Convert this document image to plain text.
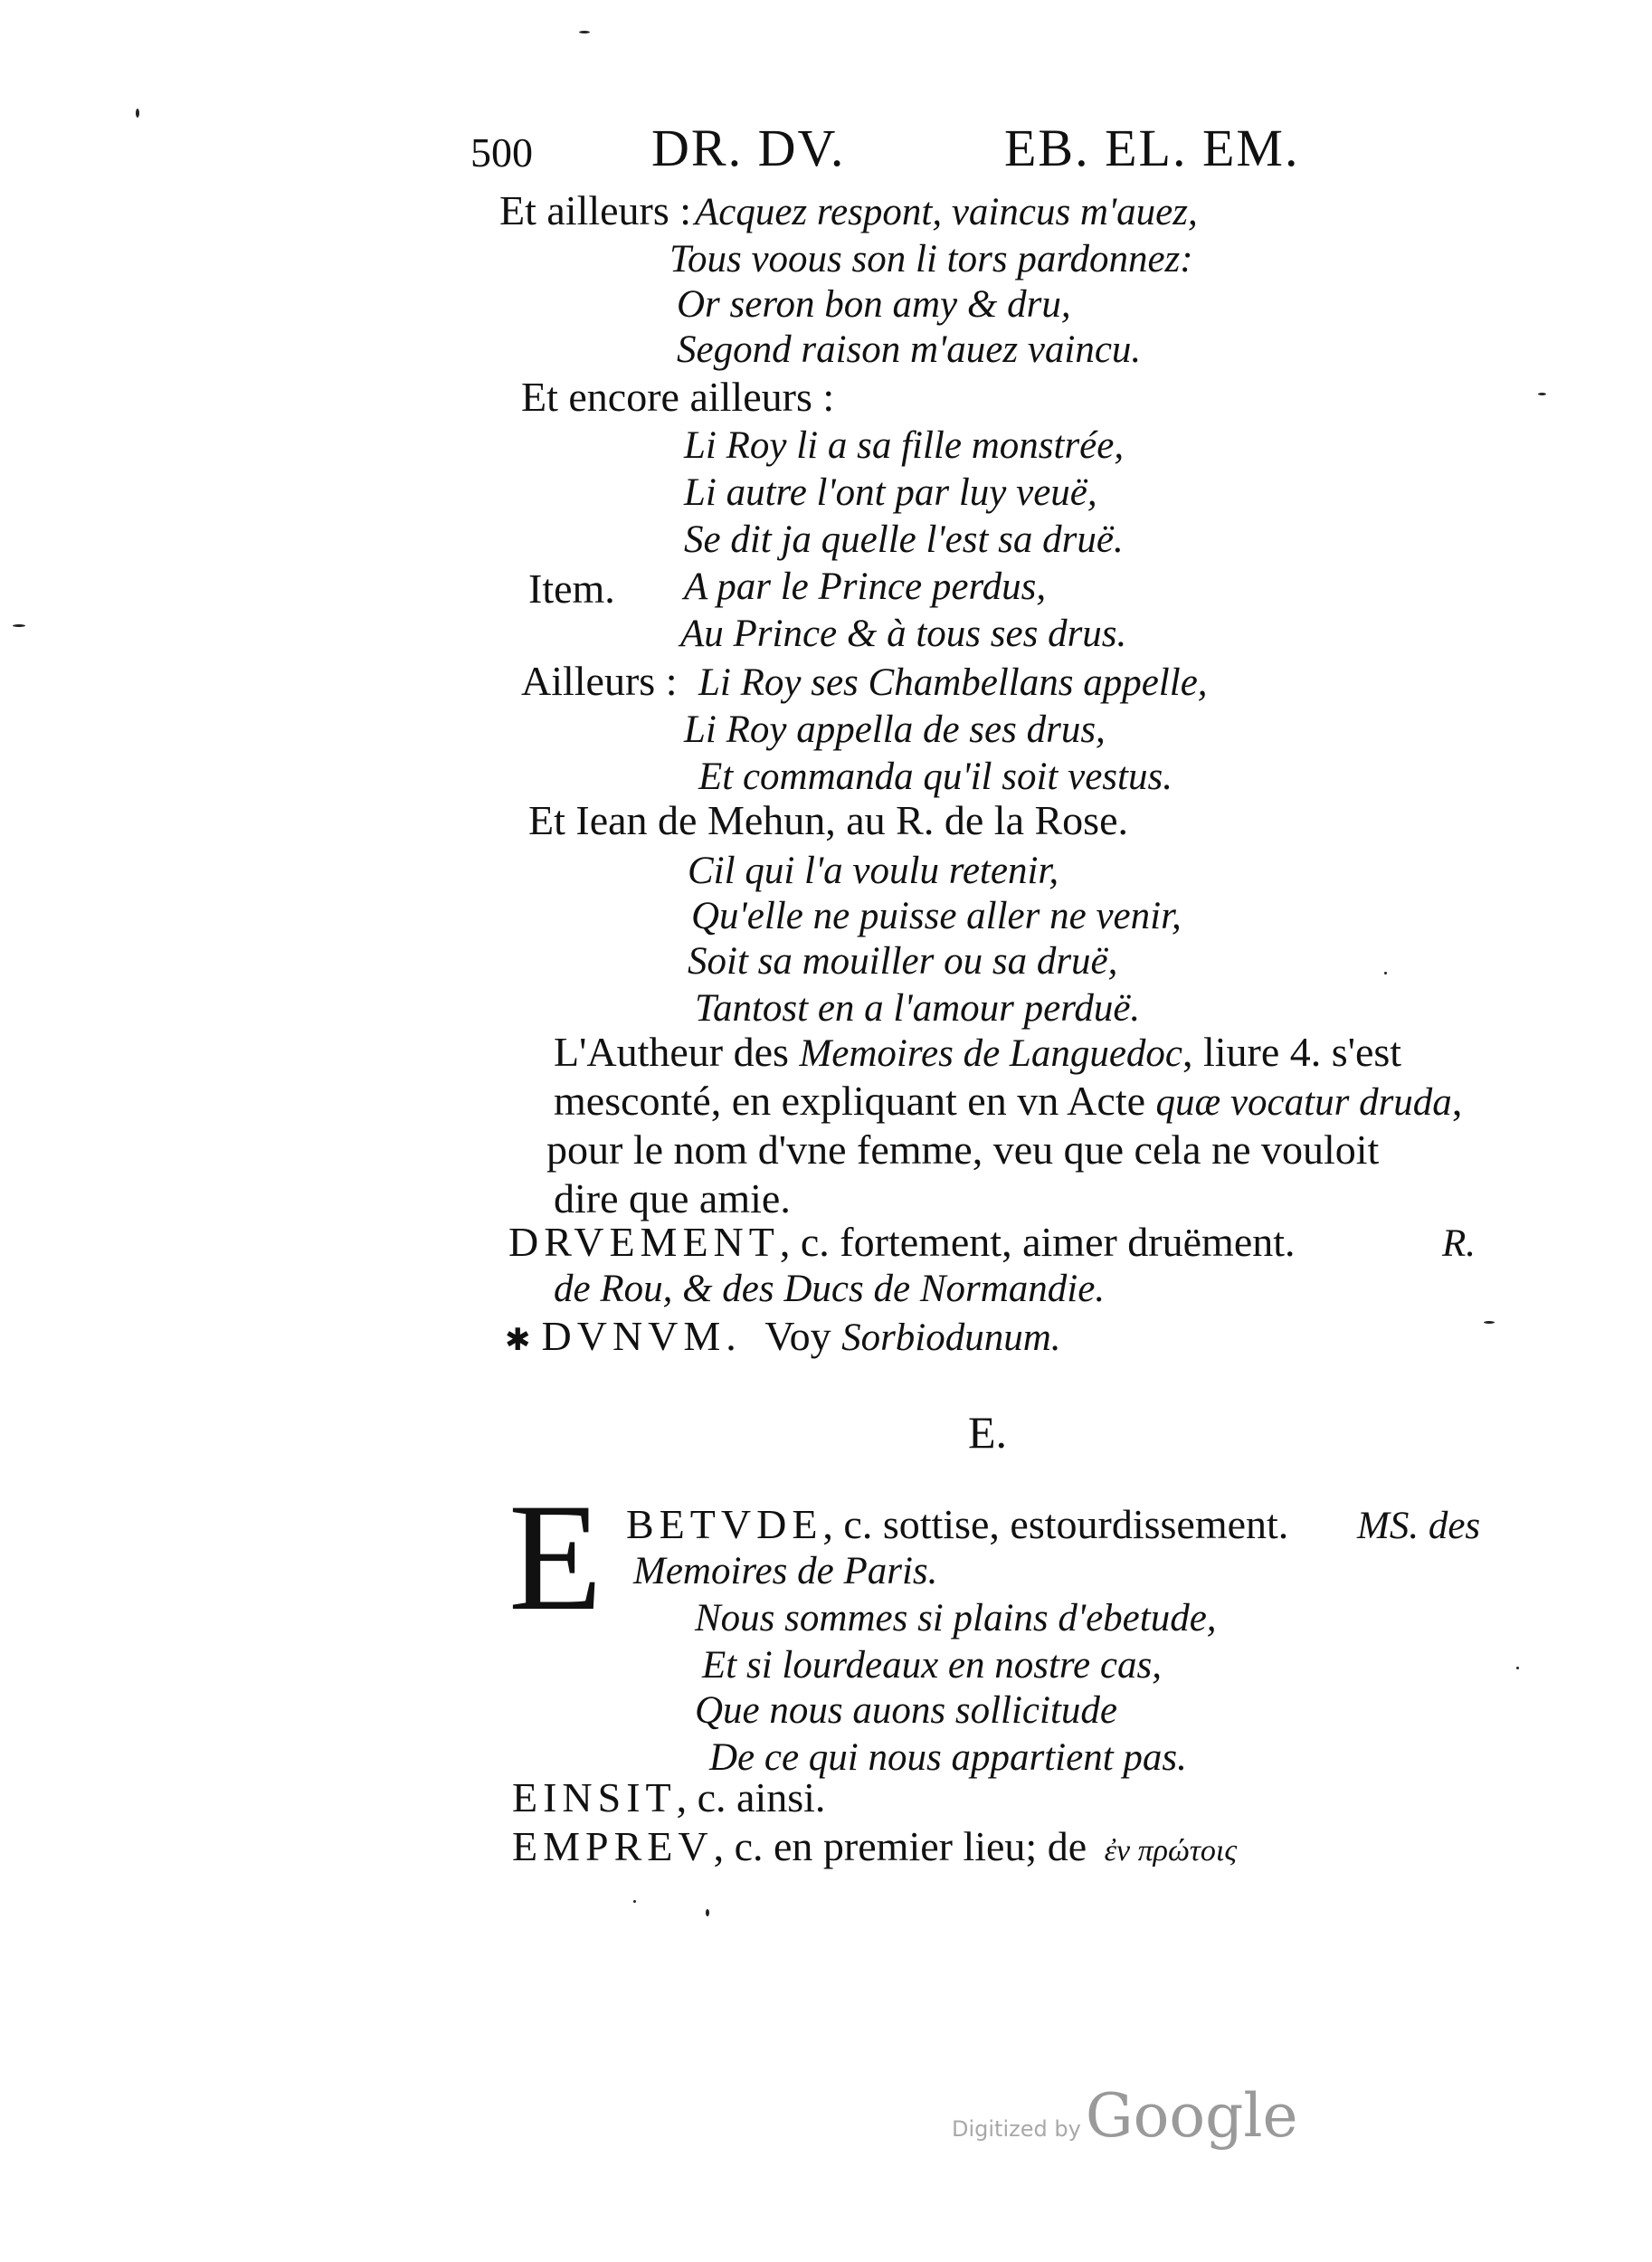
500 DR. DV.	EB. EL. EM.
Et ailleurs : Acquez respont, vaincus m'auez,
Tous voous son li tors pardonnez:
Or seron bon amy & dru,
Segond raison m'auez vaincu.
Et encore ailleurs :
Li Roy li a sa fille monstrée,
Li autre l'ont par luy veuë,
Se dit ja quelle l'est sa druë.
Item. A par le Prince perdus,
Au Prince & à tous ses drus.
Ailleurs : Li Roy ses Chambellans appelle,
Li Roy appella de ses drus,
Et commanda qu'il soit vestus.
Et Iean de Mehun, au R. de la Rose.
Cil qui l'a voulu retenir,
Qu'elle ne puisse aller ne venir,
Soit sa mouiller ou sa druë,
Tantost en a l'amour perduë.
L'Autheur des Memoires de Languedoc, liure 4. s'est
mesconté, en expliquant en vn Acte quæ vocatur druda,
pour le nom d'vne femme, veu que cela ne vouloit
dire que amie.
DRVEMENT, c. fortement, aimer druëment.	R.
de Rou, & des Ducs de Normandie.
✱ DVNVM. Voy Sorbiodunum.
E.
E BETVDE, c. sottise, estourdissement. MS. des
Memoires de Paris.
Nous sommes si plains d'ebetude,
Et si lourdeaux en nostre cas,
Que nous auons sollicitude
De ce qui nous appartient pas.
EINSIT, c. ainsi.
EMPREV, c. en premier lieu; de ἐν πρώτοις
Digitized by Google
